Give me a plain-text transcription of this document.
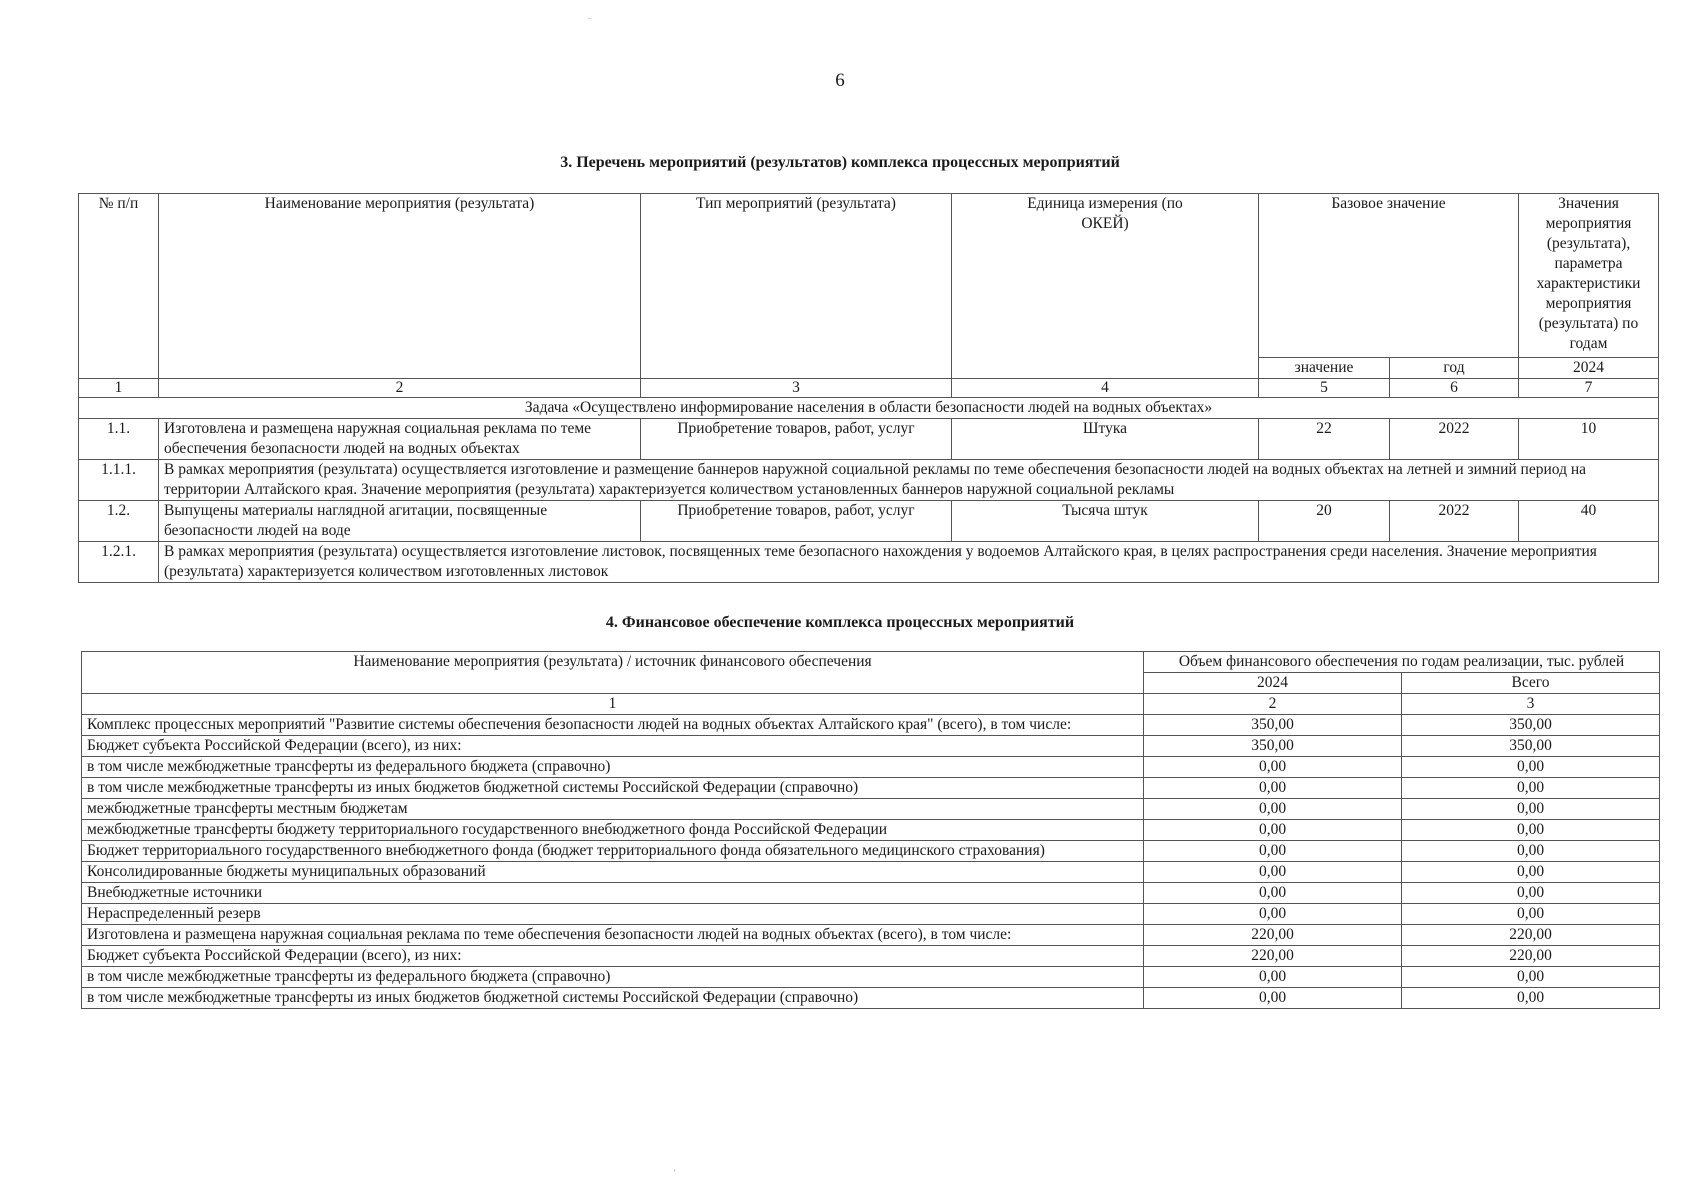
6
3. Перечень мероприятий (результатов) комплекса процессных мероприятий
№ п/п	Наименование мероприятия (результата)	Тип мероприятий (результата)	Единица измерения (по ОКЕЙ)	Базовое значение		Значения мероприятия (результата), параметра характеристики мероприятия (результата) по годам
				значение	год	2024
1	2	3	4	5	6	7
Задача «Осуществлено информирование населения в области безопасности людей на водных объектах»						
1.1.	Изготовлена и размещена наружная социальная реклама по теме обеспечения безопасности людей на водных объектах	Приобретение товаров, работ, услуг	Штука	22	2022	10
1.1.1.	В рамках мероприятия (результата) осуществляется изготовление и размещение баннеров наружной социальной рекламы по теме обеспечения безопасности людей на водных объектах на летней и зимний период на территории Алтайского края. Значение мероприятия (результата) характеризуется количеством установленных баннеров наружной социальной рекламы					
1.2.	Выпущены материалы наглядной агитации, посвященные безопасности людей на воде	Приобретение товаров, работ, услуг	Тысяча штук	20	2022	40
1.2.1.	В рамках мероприятия (результата) осуществляется изготовление листовок, посвященных теме безопасного нахождения у водоемов Алтайского края, в целях распространения среди населения. Значение мероприятия (результата) характеризуется количеством изготовленных листовок					
4. Финансовое обеспечение комплекса процессных мероприятий
Наименование мероприятия (результата) / источник финансового обеспечения	Объем финансового обеспечения по годам реализации, тыс. рублей	
	2024	Всего
1	2	3
Комплекс процессных мероприятий "Развитие системы обеспечения безопасности людей на водных объектах Алтайского края" (всего), в том числе:	350,00	350,00
Бюджет субъекта Российской Федерации (всего), из них:	350,00	350,00
в том числе межбюджетные трансферты из федерального бюджета (справочно)	0,00	0,00
в том числе межбюджетные трансферты из иных бюджетов бюджетной системы Российской Федерации (справочно)	0,00	0,00
межбюджетные трансферты местным бюджетам	0,00	0,00
межбюджетные трансферты бюджету территориального государственного внебюджетного фонда Российской Федерации	0,00	0,00
Бюджет территориального государственного внебюджетного фонда (бюджет территориального фонда обязательного медицинского страхования)	0,00	0,00
Консолидированные бюджеты муниципальных образований	0,00	0,00
Внебюджетные источники	0,00	0,00
Нераспределенный резерв	0,00	0,00
Изготовлена и размещена наружная социальная реклама по теме обеспечения безопасности людей на водных объектах (всего), в том числе:	220,00	220,00
Бюджет субъекта Российской Федерации (всего), из них:	220,00	220,00
в том числе межбюджетные трансферты из федерального бюджета (справочно)	0,00	0,00
в том числе межбюджетные трансферты из иных бюджетов бюджетной системы Российской Федерации (справочно)	0,00	0,00
‾
'
